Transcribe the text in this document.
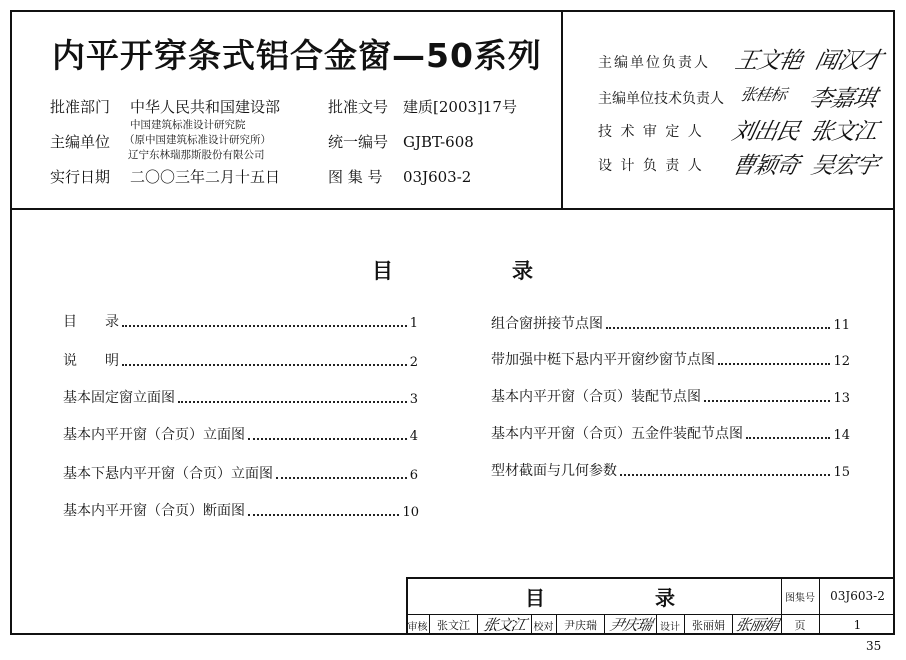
内平开穿条式铝合金窗—50系列
批准部门 中华人民共和国建设部	批准文号 建质[2003]17号
主编单位
中国建筑标准设计研究院
（原中国建筑标准设计研究所）
辽宁东林瑞那斯股份有限公司
统一编号 GJBT-608
实行日期 二〇〇三年二月十五日	图 集 号 03J603-2
主编单位负责人 王文艳 闻汉才
主编单位技术负责人 张桂标 李嘉琪
技 术 审 定 人 刘出民 张文江
设 计 负 责 人 曹颖奇 吴宏宇
目	录
目　　录	1
说　　明	2
基本固定窗立面图	3
基本内平开窗（合页）立面图	4
基本下悬内平开窗（合页）立面图	6
基本内平开窗（合页）断面图	10
组合窗拼接节点图	11
带加强中梃下悬内平开窗纱窗节点图	12
基本内平开窗（合页）装配节点图	13
基本内平开窗（合页）五金件装配节点图	14
型材截面与几何参数	15
目	录	图集号	03J603-2
审核 张文江 张文江 校对 尹庆瑞 尹庆瑞 设计	张丽娟 张丽娟	页	1
35
